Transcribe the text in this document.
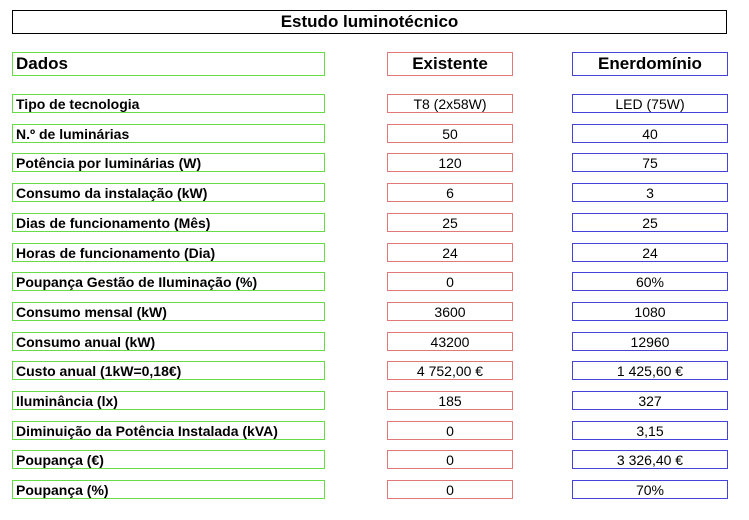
Estudo luminotécnico
Dados	Existente	Enerdomínio
Tipo de tecnologia	T8 (2x58W)	LED (75W)
N.º de luminárias	50	40
Potência por luminárias (W)	120	75
Consumo da instalação (kW)	6	3
Dias de funcionamento (Mês)	25	25
Horas de funcionamento (Dia)	24	24
Poupança Gestão de Iluminação (%)	0	60%
Consumo mensal (kW)	3600	1080
Consumo anual (kW)	43200	12960
Custo anual (1kW=0,18€)	4 752,00 €	1 425,60 €
Iluminância (lx)	185	327
Diminuição da Potência Instalada (kVA)	0	3,15
Poupança (€)	0	3 326,40 €
Poupança (%)	0	70%
